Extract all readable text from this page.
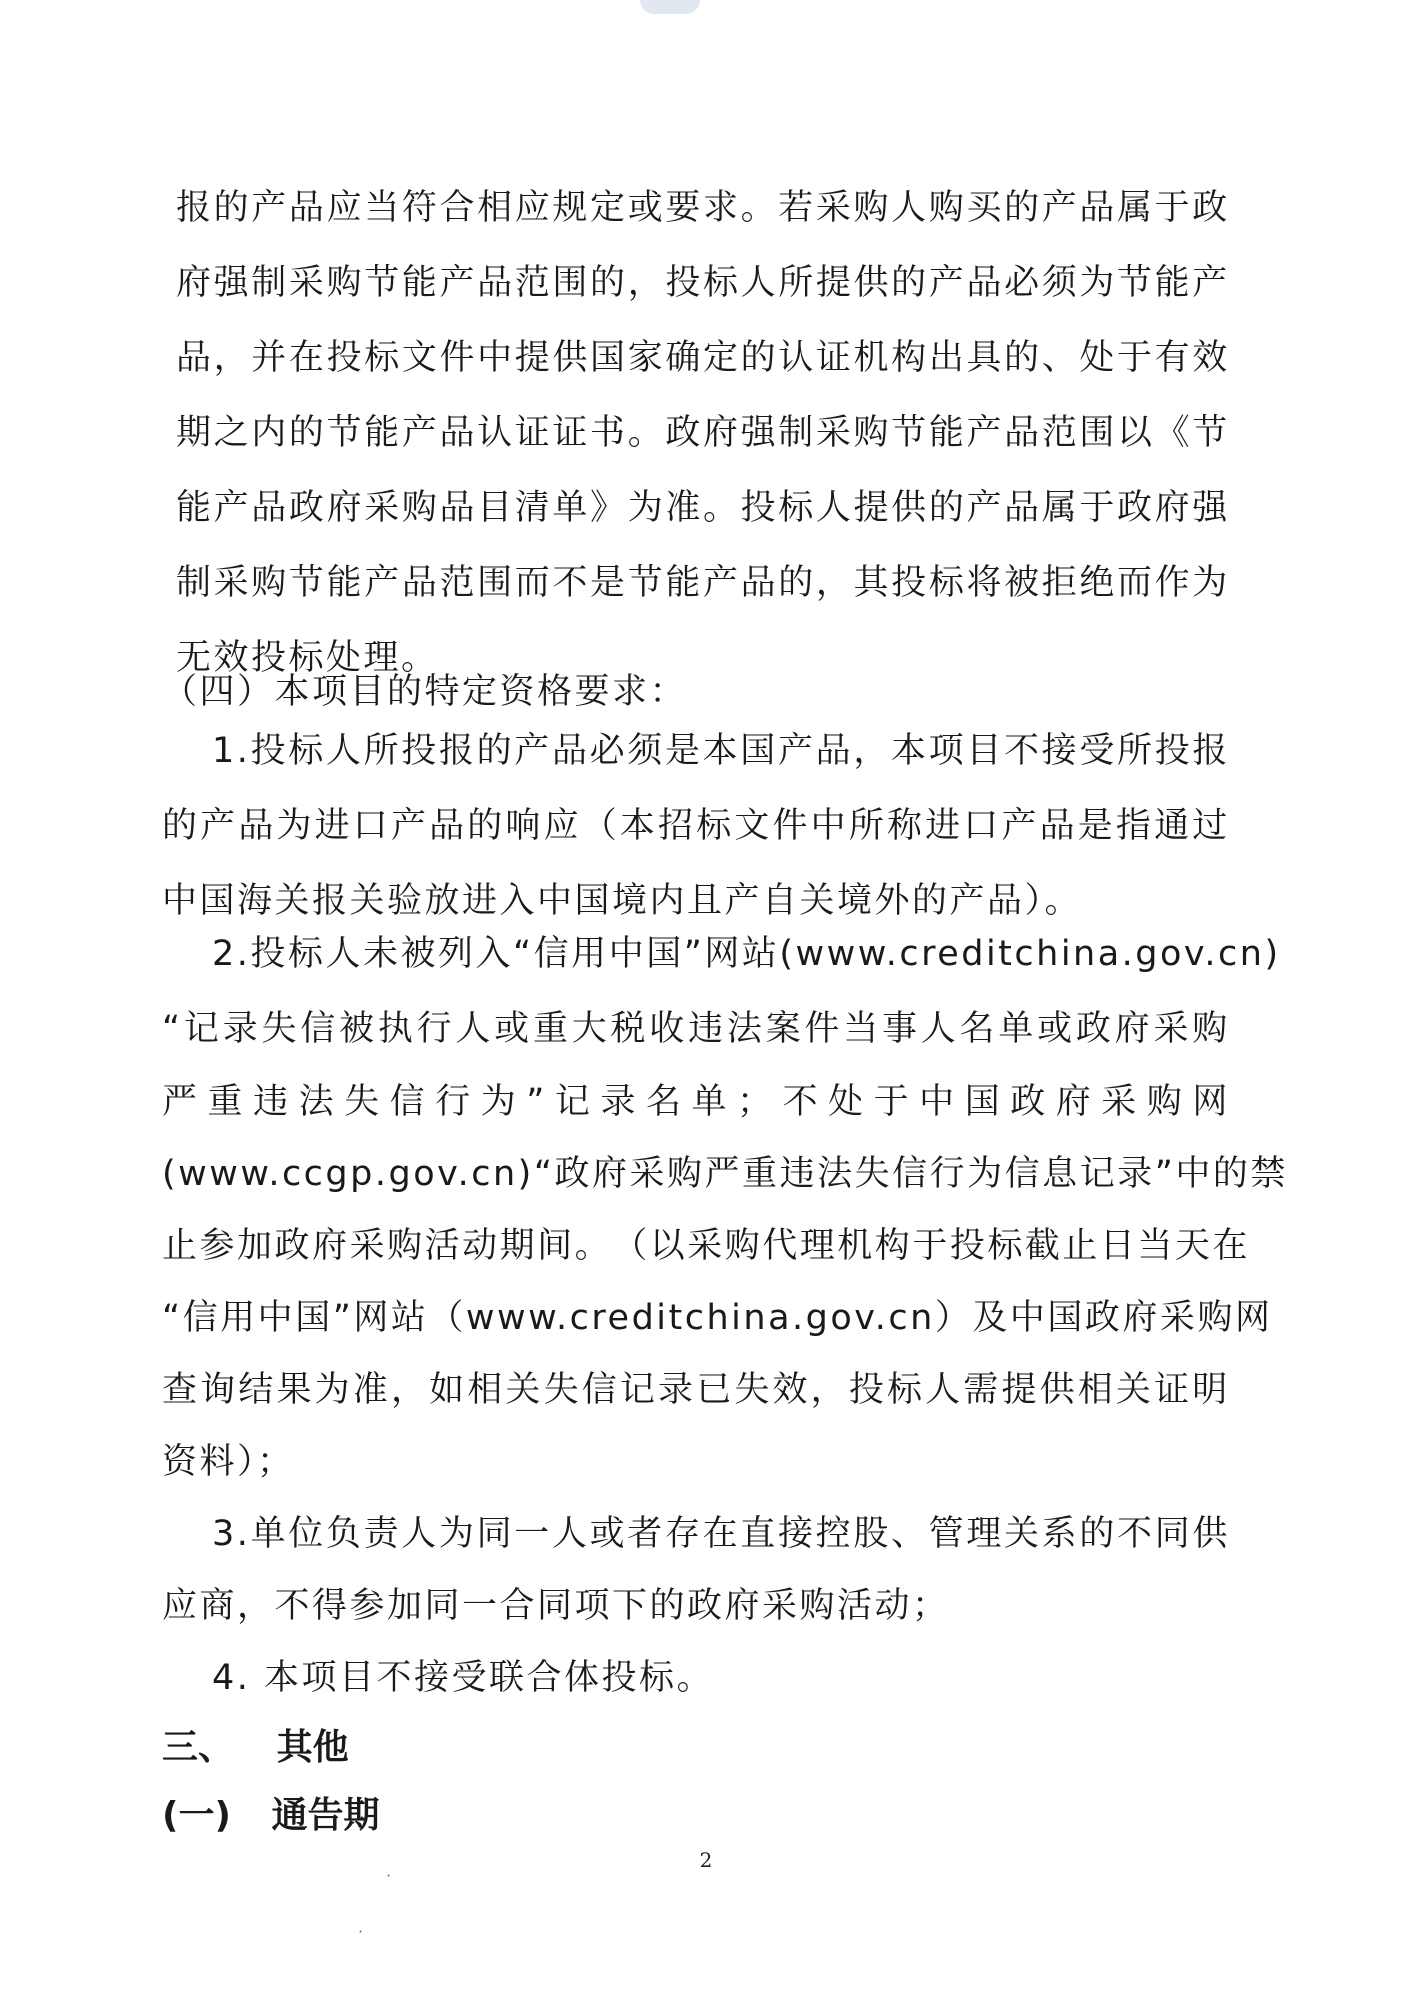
报 的 产 品 应 当 符 合 相 应 规 定 或 要 求 。 若 采 购 人 购 买 的 产 品 属 于 政
府 强 制 采 购 节 能 产 品 范 围 的 ， 投 标 人 所 提 供 的 产 品 必 须 为 节 能 产
品 ， 并 在 投 标 文 件 中 提 供 国 家 确 定 的 认 证 机 构 出 具 的 、 处 于 有 效
期 之 内 的 节 能 产 品 认 证 证 书 。 政 府 强 制 采 购 节 能 产 品 范 围 以 《 节
能 产 品 政 府 采 购 品 目 清 单 》 为 准 。 投 标 人 提 供 的 产 品 属 于 政 府 强
制 采 购 节 能 产 品 范 围 而 不 是 节 能 产 品 的 ， 其 投 标 将 被 拒 绝 而 作 为
无效投标处理。
（四）本项目的特定资格要求：
1. 投 标 人 所 投 报 的 产 品 必 须 是 本 国 产 品 ， 本 项 目 不 接 受 所 投 报
的 产 品 为 进 口 产 品 的 响 应 （ 本 招 标 文 件 中 所 称 进 口 产 品 是 指 通 过
中国海关报关验放进入中国境内且产自关境外的产品）。
2. 投 标 人 未 被 列 入 “ 信 用 中 国 ” 网 站 (www.creditchina.gov.cn)
“ 记 录 失 信 被 执 行 人 或 重 大 税 收 违 法 案 件 当 事 人 名 单 或 政 府 采 购
严 重 违 法 失 信 行 为 ” 记 录 名 单 ； 不 处 于 中 国 政 府 采 购 网
(www.ccgp.gov.cn) “ 政 府 采 购 严 重 违 法 失 信 行 为 信 息 记 录 ” 中 的 禁
止 参 加 政 府 采 购 活 动 期 间 。 （ 以 采 购 代 理 机 构 于 投 标 截 止 日 当 天 在
“ 信 用 中 国 ” 网 站 （ www.creditchina.gov.cn ） 及 中 国 政 府 采 购 网
查 询 结 果 为 准 ， 如 相 关 失 信 记 录 已 失 效 ， 投 标 人 需 提 供 相 关 证 明
资料）；
3. 单 位 负 责 人 为 同 一 人 或 者 存 在 直 接 控 股 、 管 理 关 系 的 不 同 供
应商，不得参加同一合同项下的政府采购活动；
4. 本项目不接受联合体投标。
三、 其他
(一) 通告期
2
·
·
